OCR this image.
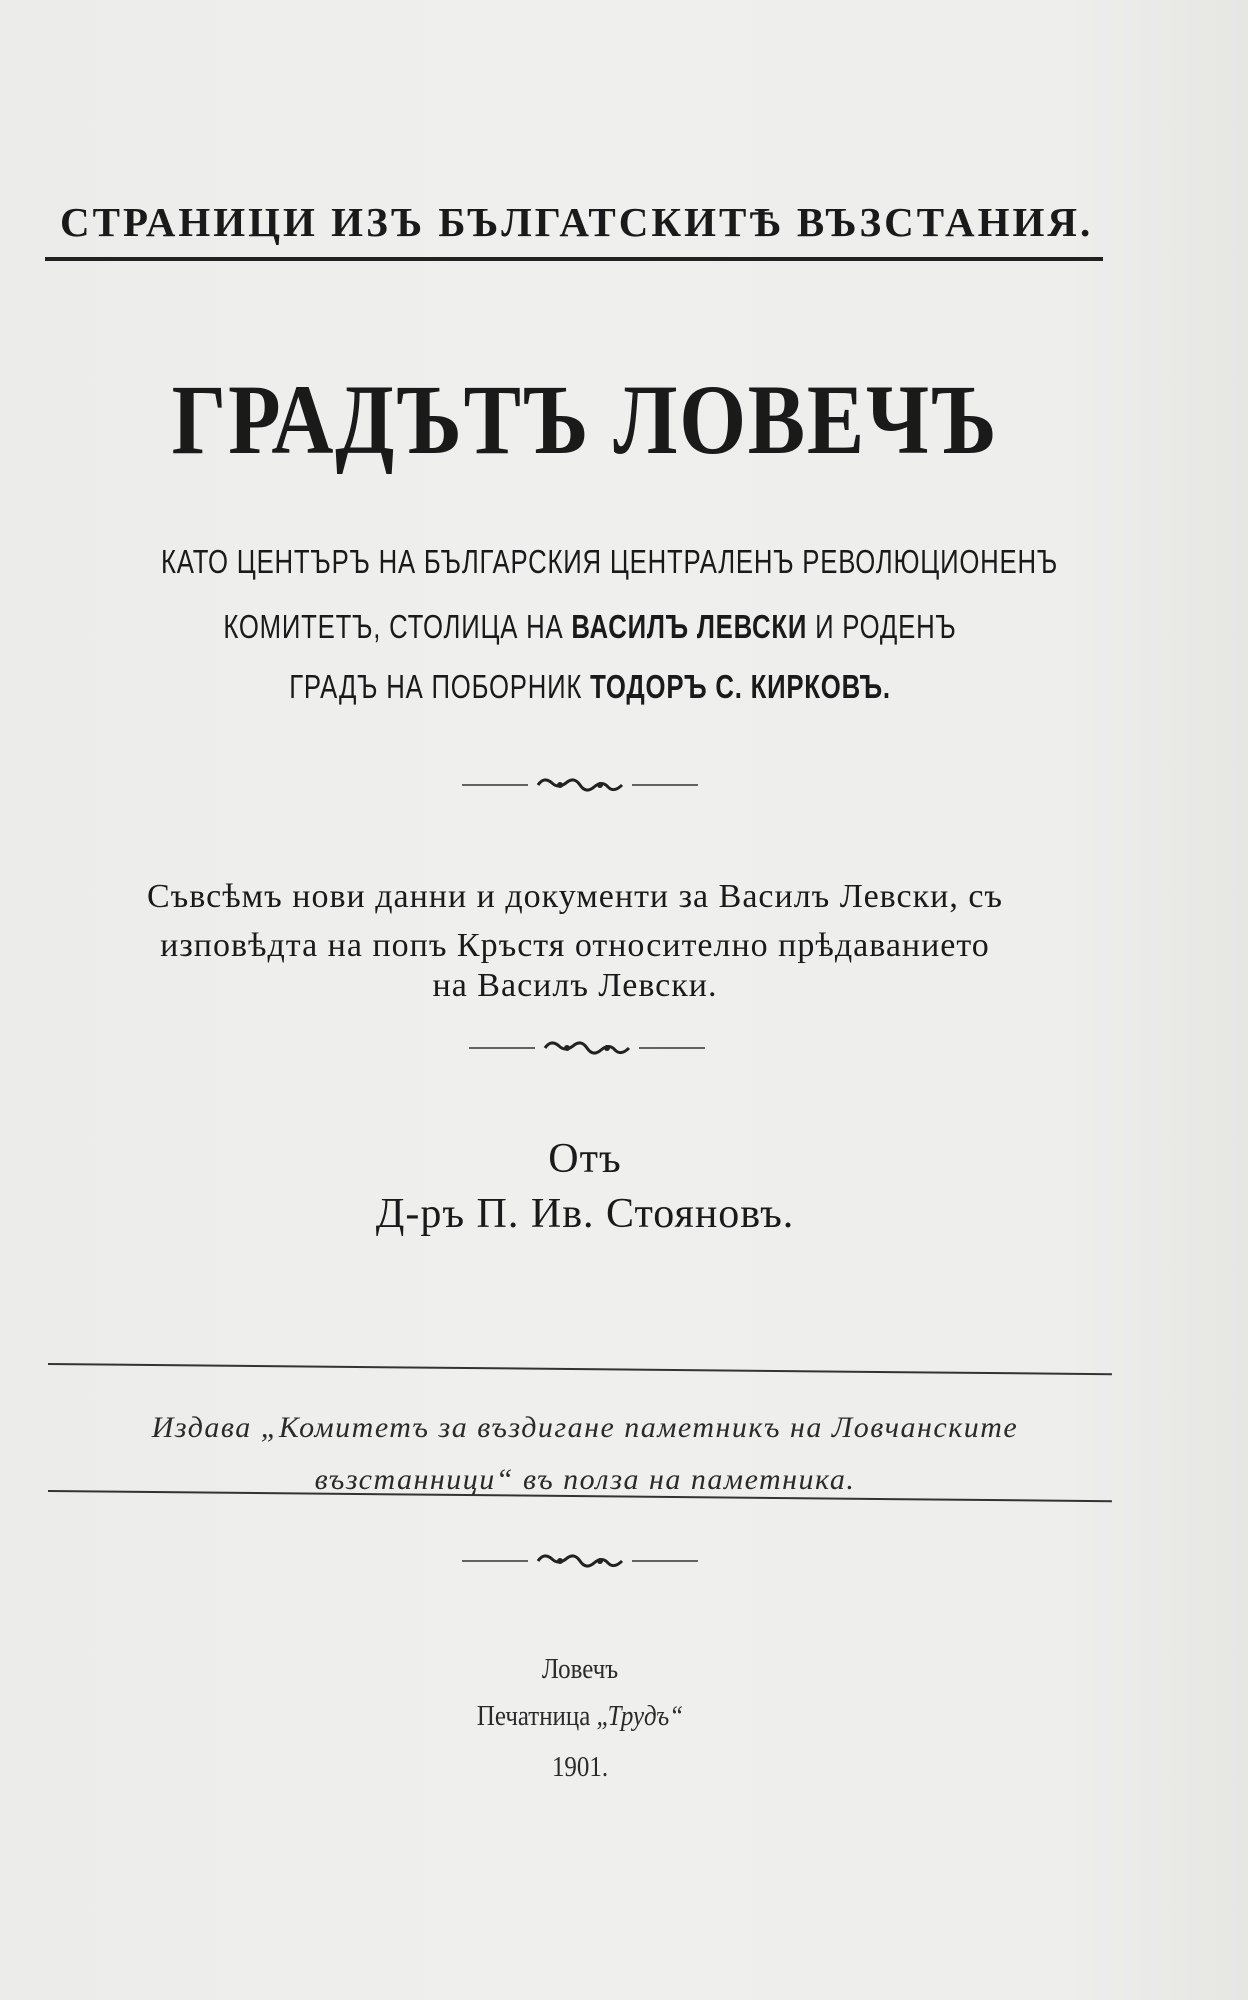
СТРАНИЦИ ИЗЪ БЪЛГАТСКИТѢ ВЪЗСТАНИЯ.
ГРАДЪТЪ ЛОВЕЧЪ
КАТО ЦЕНТЪРЪ НА БЪЛГАРСКИЯ ЦЕНТРАЛЕНЪ РЕВОЛЮЦИОНЕНЪ
КОМИТЕТЪ, СТОЛИЦА НА ВАСИЛЪ ЛЕВСКИ И РОДЕНЪ
ГРАДЪ НА ПОБОРНИК ТОДОРЪ С. КИРКОВЪ.
Съвсѣмъ нови данни и документи за Василъ Левски, съ
изповѣдта на попъ Кръстя относително прѣдаванието
на Василъ Левски.
Отъ
Д-ръ П. Ив. Стояновъ.
Издава „Комитетъ за въздигане паметникъ на Ловчанските
възстанници“ въ полза на паметника.
Ловечъ
Печатница „Трудъ“
1901.
